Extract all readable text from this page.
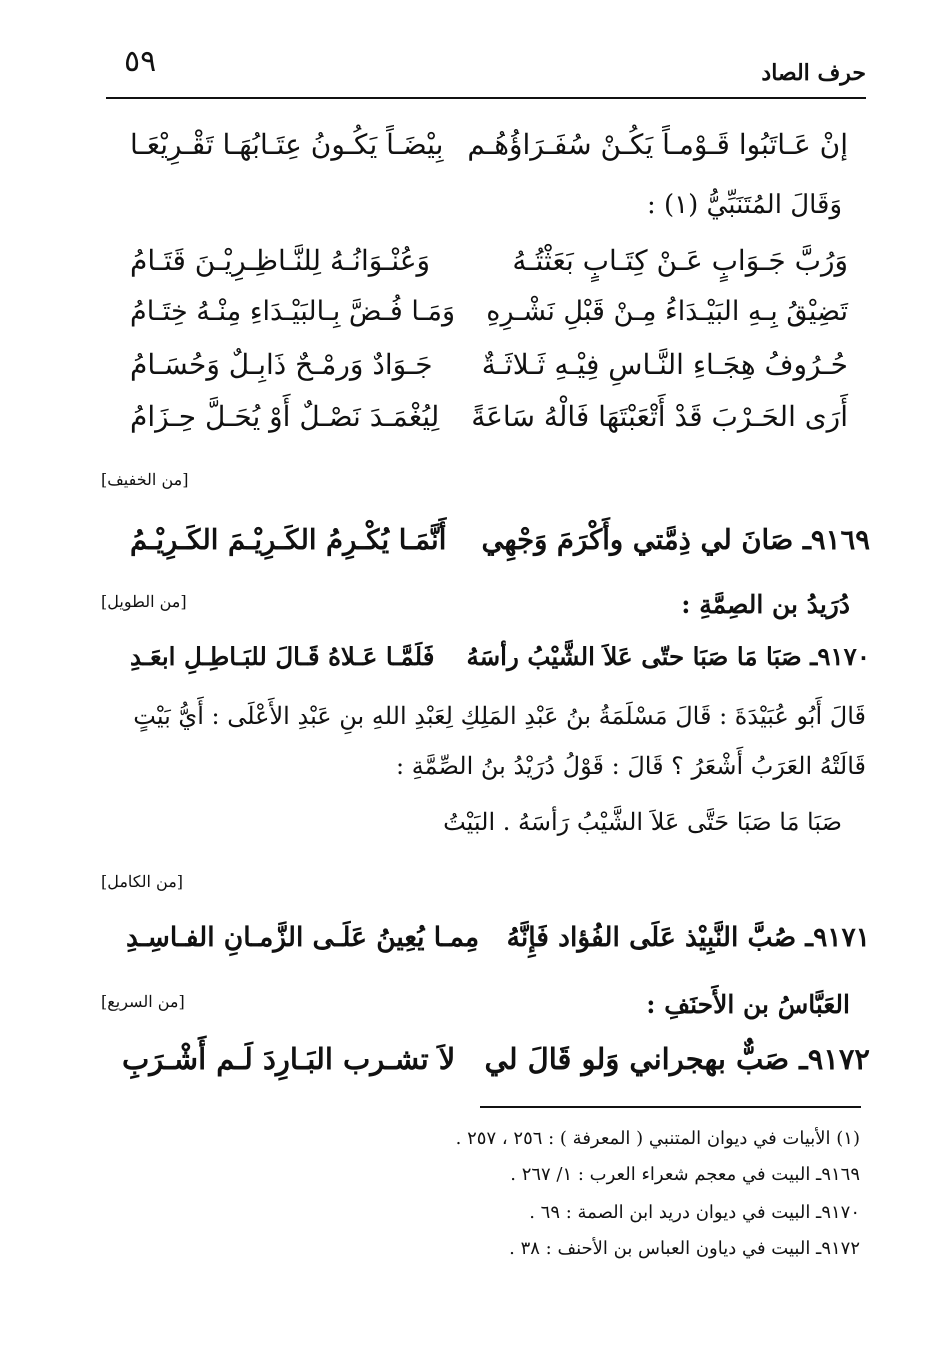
٥٩	حرف الصاد
إنْ عَـاتَبُوا قَـوْمـاً يَكُـنْ سُفَـرَاؤُهُـم
بِيْضَـاً يَكُـونُ عِتَـابُهَـا تَقْـرِيْعَـا
وَقَالَ المُتَنَبِّيُّ (١) :
وَرُبَّ جَـوَابٍ عَـنْ كِتَـابٍ بَعَثْتُـهُ
وَعُنْـوَانُـهُ لِلنَّـاظِـرِيْـنَ قَتَـامُ
تَضِيْقُ بِـهِ البَيْـدَاءُ مِـنْ قَبْلِ نَشْـرِهِ
وَمَـا فُـضَّ بِـالبَيْـدَاءِ مِنْـهُ خِتَـامُ
حُـرُوفُ هِجَـاءِ النَّـاسِ فِيْـهِ ثَـلاثَـةٌ
جَـوَادٌ وَرمْـحٌ ذَابِـلٌ وَحُسَـامُ
أَرَى الحَـرْبَ قَدْ أَتْعَبْتَهَا فَالْهُ سَاعَةً
لِيُغْمَـدَ نَصْـلٌ أَوْ يُحَـلَّ حِـزَامُ
[من الخفيف]
٩١٦٩ـ صَانَ لي ذِمَّتي وأَكْرَمَ وَجْهِي
أَنَّمَـا يُكْـرِمُ الكَـرِيْـمَ الكَـرِيْـمُ
[من الطويل]	دُرَيدُ بن الصِمَّةِ :
٩١٧٠ـ صَبَا مَا صَبَا حتّى عَلاَ الشَّيْبُ رأسَهُ
فَلَمَّـا عَـلاهُ قَـالَ للبَـاطِـلِ ابعَـدِ
قَالَ أَبُو عُبَيْدَةَ : قَالَ مَسْلَمَةُ بنُ عَبْدِ المَلِكِ لِعَبْدِ اللهِ بنِ عَبْدِ الأَعْلَى : أَيُّ بَيْتٍ
قَالَتْهُ العَرَبُ أَشْعَرُ ؟ قَالَ : قَوْلُ دُرَيْدُ بنُ الصِّمَّةِ :
صَبَا مَا صَبَا حَتَّى عَلاَ الشَّيْبُ رَأسَهُ . البَيْتُ
[من الكامل]
٩١٧١ـ صُبَّ النَّبِيْذ عَلَى الفُؤاد فَإِنَّهُ
مِمـا يُعِينُ عَلَـى الزَّمـانِ الفـاسِـدِ
[من السريع]	العَبَّاسُ بن الأَحنَفِ :
٩١٧٢ـ صَبٌّ بهجراني وَلو قَالَ لي
لاَ تشـرب البَـارِدَ لَـم أَشْـرَبِ
(١) الأبيات في ديوان المتنبي ( المعرفة ) : ٢٥٦ ، ٢٥٧ .
٩١٦٩ـ البيت في معجم شعراء العرب : ١/ ٢٦٧ .
٩١٧٠ـ البيت في ديوان دريد ابن الصمة : ٦٩ .
٩١٧٢ـ البيت في دياون العباس بن الأحنف : ٣٨ .
